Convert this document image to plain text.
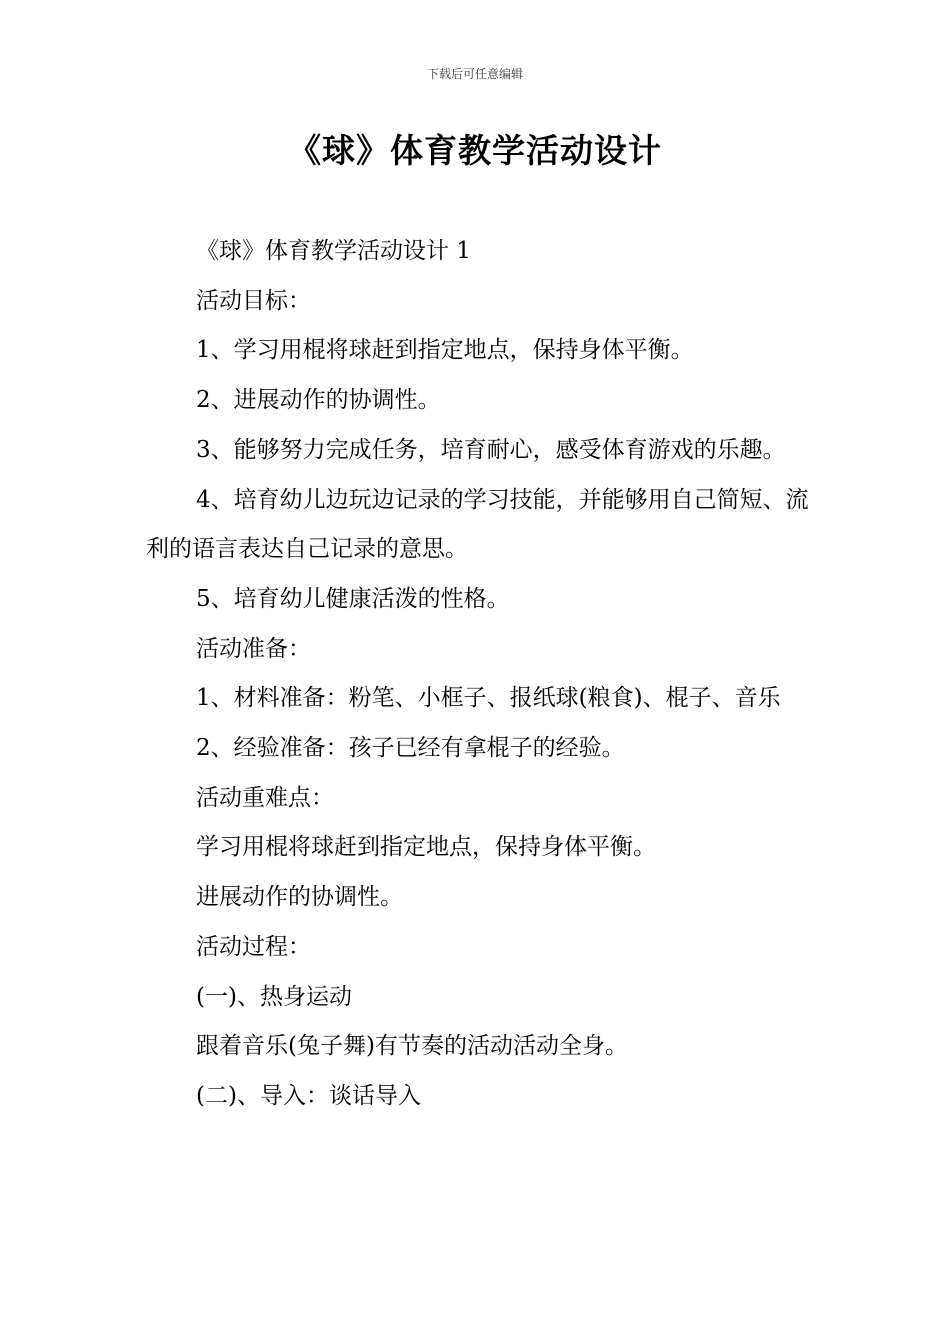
下载后可任意编辑
《球》体育教学活动设计

《球》体育教学活动设计 1

活动目标：

1、学习用棍将球赶到指定地点，保持身体平衡。

2、进展动作的协调性。

3、能够努力完成任务，培育耐心，感受体育游戏的乐趣。

4、培育幼儿边玩边记录的学习技能，并能够用自己简短、流利的语言表达自己记录的意思。

5、培育幼儿健康活泼的性格。

活动准备：

1、材料准备：粉笔、小框子、报纸球(粮食)、棍子、音乐

2、经验准备：孩子已经有拿棍子的经验。

活动重难点：

学习用棍将球赶到指定地点，保持身体平衡。

进展动作的协调性。

活动过程：

(一)、热身运动

跟着音乐(兔子舞)有节奏的活动活动全身。

(二)、导入：谈话导入
